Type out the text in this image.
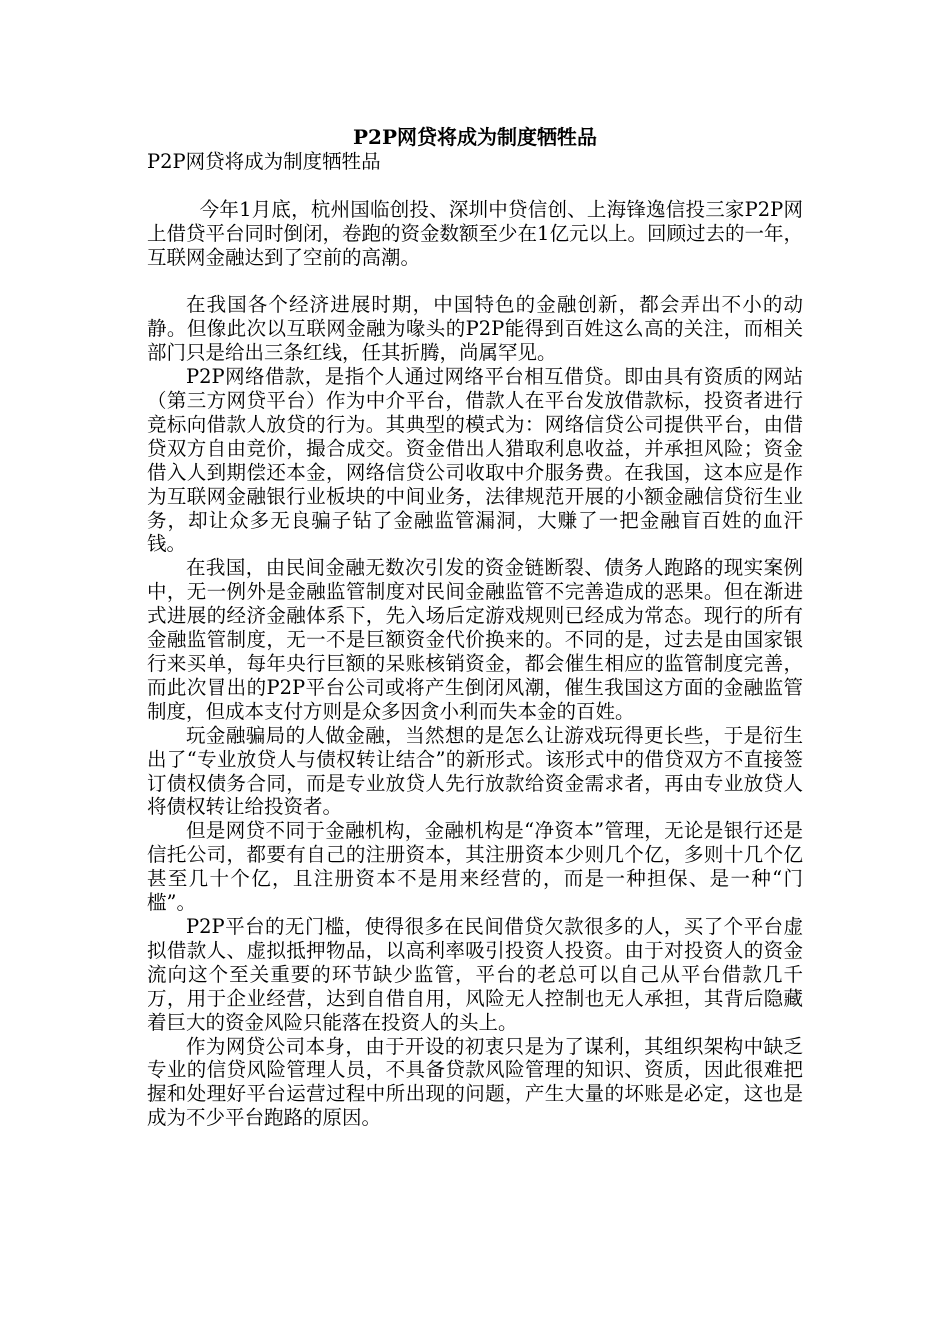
P2P网贷将成为制度牺牲品

P2P网贷将成为制度牺牲品

今年1月底，杭州国临创投、深圳中贷信创、上海锋逸信投三家P2P网上借贷平台同时倒闭，卷跑的资金数额至少在1亿元以上。回顾过去的一年，互联网金融达到了空前的高潮。

在我国各个经济进展时期，中国特色的金融创新，都会弄出不小的动静。但像此次以互联网金融为喙头的P2P能得到百姓这么高的关注，而相关部门只是给出三条红线，任其折腾，尚属罕见。

P2P网络借款，是指个人通过网络平台相互借贷。即由具有资质的网站（第三方网贷平台）作为中介平台，借款人在平台发放借款标，投资者进行竞标向借款人放贷的行为。其典型的模式为：网络信贷公司提供平台，由借贷双方自由竞价，撮合成交。资金借出人猎取利息收益，并承担风险；资金借入人到期偿还本金，网络信贷公司收取中介服务费。在我国，这本应是作为互联网金融银行业板块的中间业务，法律规范开展的小额金融信贷衍生业务，却让众多无良骗子钻了金融监管漏洞，大赚了一把金融盲百姓的血汗钱。

在我国，由民间金融无数次引发的资金链断裂、债务人跑路的现实案例中，无一例外是金融监管制度对民间金融监管不完善造成的恶果。但在渐进式进展的经济金融体系下，先入场后定游戏规则已经成为常态。现行的所有金融监管制度，无一不是巨额资金代价换来的。不同的是，过去是由国家银行来买单，每年央行巨额的呆账核销资金，都会催生相应的监管制度完善，而此次冒出的P2P平台公司或将产生倒闭风潮，催生我国这方面的金融监管制度，但成本支付方则是众多因贪小利而失本金的百姓。

玩金融骗局的人做金融，当然想的是怎么让游戏玩得更长些，于是衍生出了“专业放贷人与债权转让结合”的新形式。该形式中的借贷双方不直接签订债权债务合同，而是专业放贷人先行放款给资金需求者，再由专业放贷人将债权转让给投资者。

但是网贷不同于金融机构，金融机构是“净资本”管理，无论是银行还是信托公司，都要有自己的注册资本，其注册资本少则几个亿，多则十几个亿甚至几十个亿，且注册资本不是用来经营的，而是一种担保、是一种“门槛”。

P2P平台的无门槛，使得很多在民间借贷欠款很多的人，买了个平台虚拟借款人、虚拟抵押物品，以高利率吸引投资人投资。由于对投资人的资金流向这个至关重要的环节缺少监管，平台的老总可以自己从平台借款几千万，用于企业经营，达到自借自用，风险无人控制也无人承担，其背后隐藏着巨大的资金风险只能落在投资人的头上。

作为网贷公司本身，由于开设的初衷只是为了谋利，其组织架构中缺乏专业的信贷风险管理人员，不具备贷款风险管理的知识、资质，因此很难把握和处理好平台运营过程中所出现的问题，产生大量的坏账是必定，这也是成为不少平台跑路的原因。
